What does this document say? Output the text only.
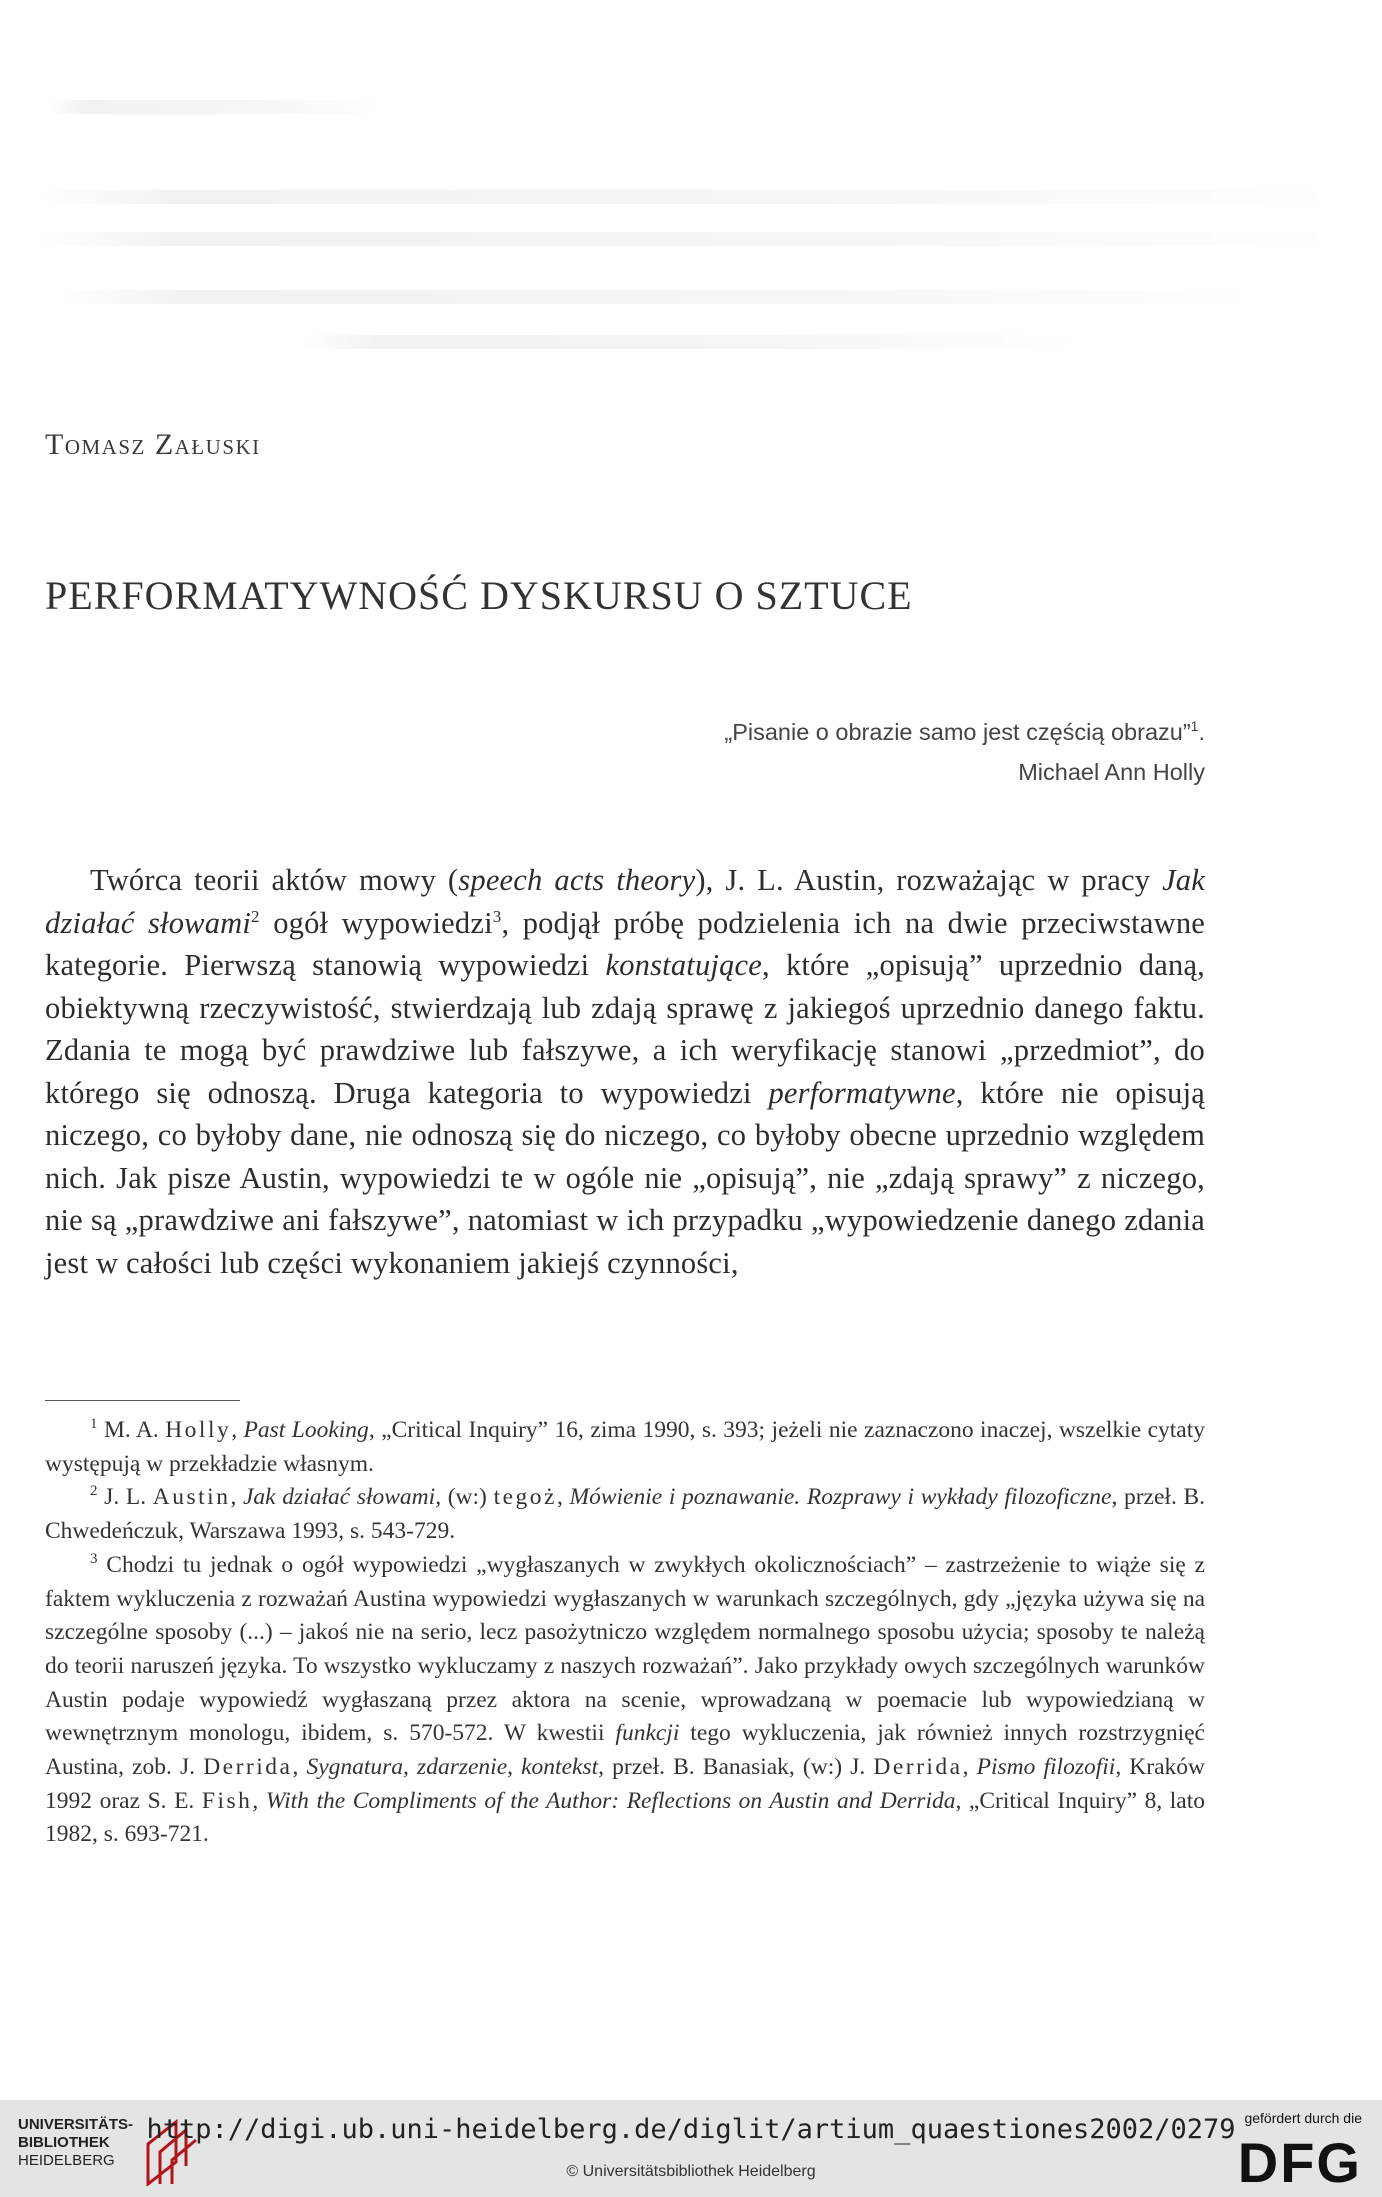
Tomasz Załuski
PERFORMATYWNOŚĆ DYSKURSU O SZTUCE
„Pisanie o obrazie samo jest częścią obrazu”$^1$.
Michael Ann Holly
Twórca teorii aktów mowy (speech acts theory), J. L. Austin, rozważając w pracy Jak działać słowami$^2$ ogół wypowiedzi$^3$, podjął próbę podzielenia ich na dwie przeciwstawne kategorie. Pierwszą stanowią wypowiedzi konstatujące, które „opisują” uprzednio daną, obiektywną rzeczywistość, stwierdzają lub zdają sprawę z jakiegoś uprzednio danego faktu. Zdania te mogą być prawdziwe lub fałszywe, a ich weryfikację stanowi „przedmiot”, do którego się odnoszą. Druga kategoria to wypowiedzi performatywne, które nie opisują niczego, co byłoby dane, nie odnoszą się do niczego, co byłoby obecne uprzednio względem nich. Jak pisze Austin, wypowiedzi te w ogóle nie „opisują”, nie „zdają sprawy” z niczego, nie są „prawdziwe ani fałszywe”, natomiast w ich przypadku „wypowiedzenie danego zdania jest w całości lub części wykonaniem jakiejś czynności,

$^1$ M. A. Holly, Past Looking, „Critical Inquiry” 16, zima 1990, s. 393; jeżeli nie zaznaczono inaczej, wszelkie cytaty występują w przekładzie własnym.

$^2$ J. L. Austin, Jak działać słowami, (w:) tegoż, Mówienie i poznawanie. Rozprawy i wykłady filozoficzne, przeł. B. Chwedeńczuk, Warszawa 1993, s. 543-729.

$^3$ Chodzi tu jednak o ogół wypowiedzi „wygłaszanych w zwykłych okolicznościach” – zastrzeżenie to wiąże się z faktem wykluczenia z rozważań Austina wypowiedzi wygłaszanych w warunkach szczególnych, gdy „języka używa się na szczególne sposoby (...) – jakoś nie na serio, lecz pasożytniczo względem normalnego sposobu użycia; sposoby te należą do teorii naruszeń języka. To wszystko wykluczamy z naszych rozważań”. Jako przykłady owych szczególnych warunków Austin podaje wypowiedź wygłaszaną przez aktora na scenie, wprowadzaną w poemacie lub wypowiedzianą w wewnętrznym monologu, ibidem, s. 570-572. W kwestii funkcji tego wykluczenia, jak również innych rozstrzygnięć Austina, zob. J. Derrida, Sygnatura, zdarzenie, kontekst, przeł. B. Banasiak, (w:) J. Derrida, Pismo filozofii, Kraków 1992 oraz S. E. Fish, With the Compliments of the Author: Reflections on Austin and Derrida, „Critical Inquiry” 8, lato 1982, s. 693-721.

UNIVERSITÄTS-
BIBLIOTHEK
HEIDELBERG
http://digi.ub.uni-heidelberg.de/diglit/artium_quaestiones2002/0279
© Universitätsbibliothek Heidelberg
gefördert durch die
DFG
